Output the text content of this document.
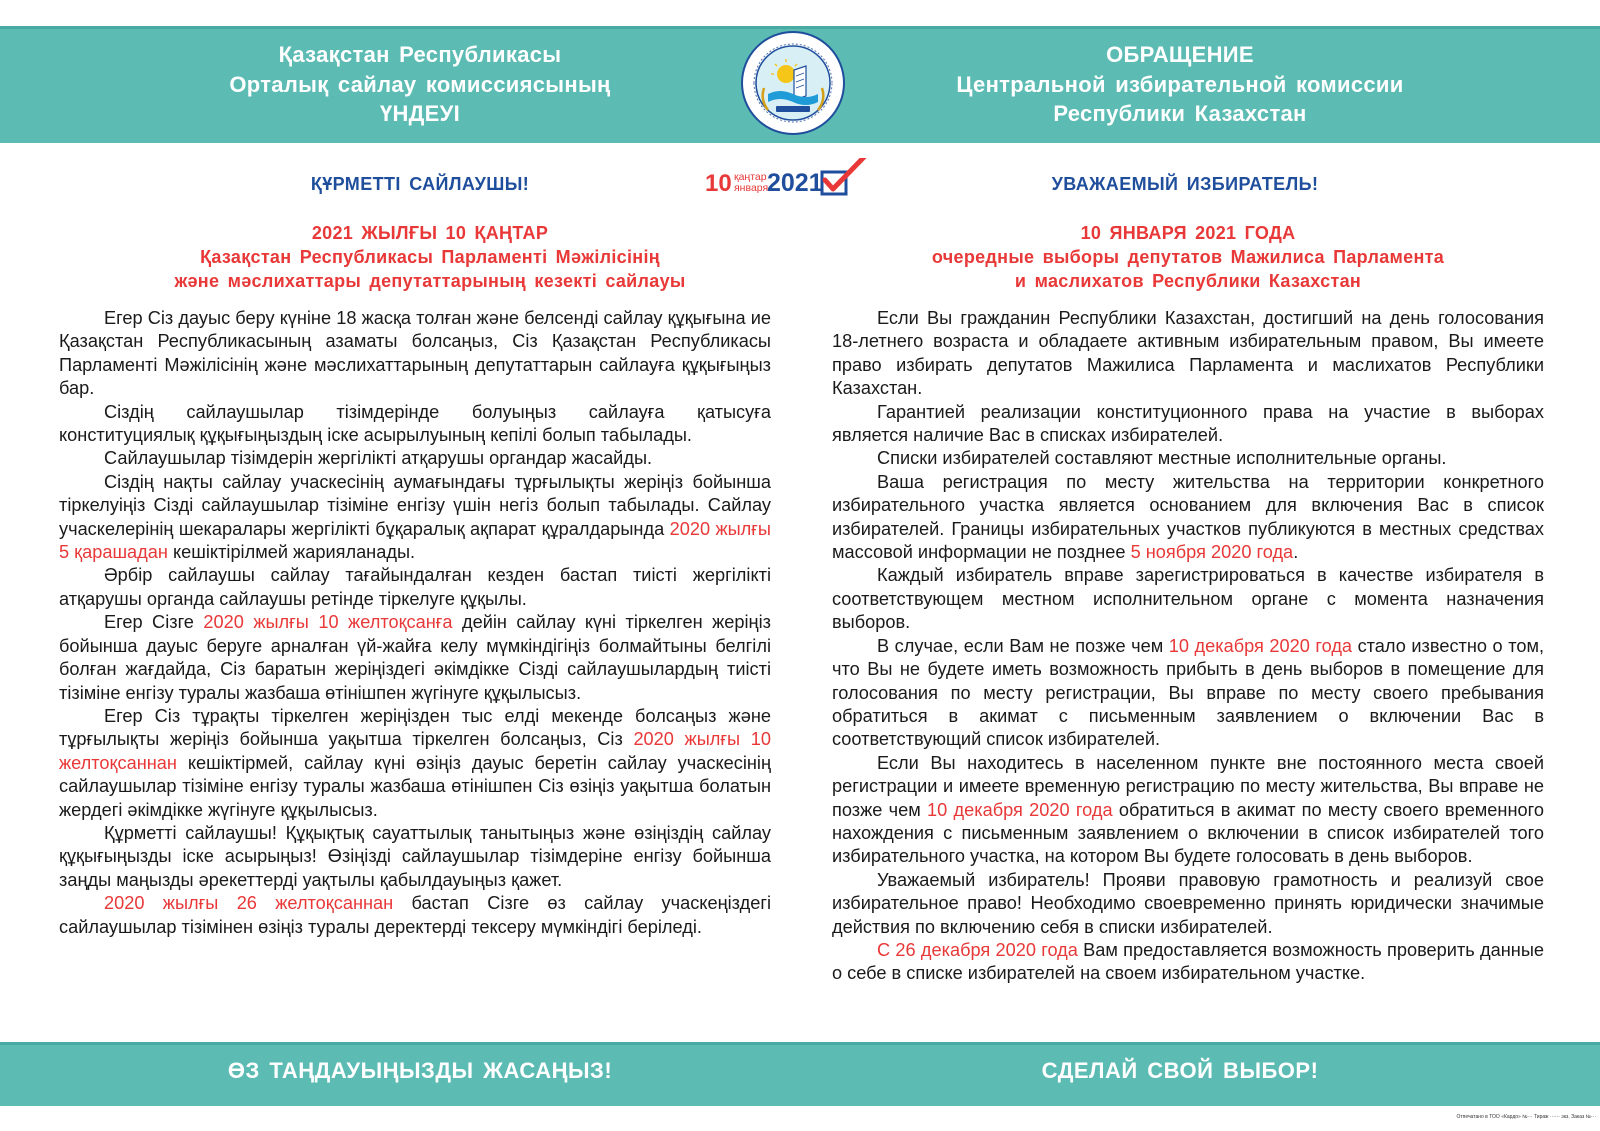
Қазақстан Республикасы
Орталық сайлау комиссиясының
ҮНДЕУІ
ОБРАЩЕНИЕ
Центральной избирательной комиссии
Республики Казахстан
ҚҰРМЕТТІ САЙЛАУШЫ!	10 қаңтар
января
2021	УВАЖАЕМЫЙ ИЗБИРАТЕЛЬ!
2021 ЖЫЛҒЫ 10 ҚАҢТАР
Қазақстан Республикасы Парламенті Мәжілісінің
және мәслихаттары депутаттарының кезекті сайлауы
10 ЯНВАРЯ 2021 ГОДА
очередные выборы депутатов Мажилиса Парламента
и маслихатов Республики Казахстан

Егер Сіз дауыс беру күніне 18 жасқа толған және белсенді сайлау құқығына ие Қазақстан Республикасының азаматы болсаңыз, Сіз Қазақстан Республикасы Парламенті Мәжілісінің және мәслихаттарының депутаттарын сайлауға құқығыңыз бар.

Сіздің сайлаушылар тізімдерінде болуыңыз сайлауға қатысуға конституциялық құқығыңыздың іске асырылуының кепілі болып табылады.

Сайлаушылар тізімдерін жергілікті атқарушы органдар жасайды.

Сіздің нақты сайлау учаскесінің аумағындағы тұрғылықты жеріңіз бойынша тіркелуіңіз Сізді сайлаушылар тізіміне енгізу үшін негіз болып табылады. Сайлау учаскелерінің шекаралары жергілікті бұқаралық ақпарат құралдарында 2020 жылғы 5 қарашадан кешіктірілмей жарияланады.

Әрбір сайлаушы сайлау тағайындалған кезден бастап тиісті жергілікті атқарушы органда сайлаушы ретінде тіркелуге құқылы.

Егер Сізге 2020 жылғы 10 желтоқсанға дейін сайлау күні тіркелген жеріңіз бойынша дауыс беруге арналған үй-жайға келу мүмкіндігіңіз болмайтыны белгілі болған жағдайда, Сіз баратын жеріңіздегі әкімдікке Сізді сайлаушылардың тиісті тізіміне енгізу туралы жазбаша өтінішпен жүгінуге құқылысыз.

Егер Сіз тұрақты тіркелген жеріңізден тыс елді мекенде болсаңыз және тұрғылықты жеріңіз бойынша уақытша тіркелген болсаңыз, Сіз 2020 жылғы 10 желтоқсаннан кешіктірмей, сайлау күні өзіңіз дауыс беретін сайлау учаскесінің сайлаушылар тізіміне енгізу туралы жазбаша өтінішпен Сіз өзіңіз уақытша болатын жердегі әкімдікке жүгінуге құқылысыз.

Құрметті сайлаушы! Құқықтық сауаттылық танытыңыз және өзіңіздің сайлау құқығыңызды іске асырыңыз! Өзіңізді сайлаушылар тізімдеріне енгізу бойынша заңды маңызды әрекеттерді уақтылы қабылдауыңыз қажет.

2020 жылғы 26 желтоқсаннан бастап Сізге өз сайлау учаскеңіздегі сайлаушылар тізімінен өзіңіз туралы деректерді тексеру мүмкіндігі беріледі.

Если Вы гражданин Республики Казахстан, достигший на день голосования 18-летнего возраста и обладаете активным избирательным правом, Вы имеете право избирать депутатов Мажилиса Парламента и маслихатов Республики Казахстан.

Гарантией реализации конституционного права на участие в выборах является наличие Вас в списках избирателей.

Списки избирателей составляют местные исполнительные органы.

Ваша регистрация по месту жительства на территории конкретного избирательного участка является основанием для включения Вас в список избирателей. Границы избирательных участков публикуются в местных средствах массовой информации не позднее 5 ноября 2020 года.

Каждый избиратель вправе зарегистрироваться в качестве избирателя в соответствующем местном исполнительном органе с момента назначения выборов.

В случае, если Вам не позже чем 10 декабря 2020 года стало известно о том, что Вы не будете иметь возможность прибыть в день выборов в помещение для голосования по месту регистрации, Вы вправе по месту своего пребывания обратиться в акимат с письменным заявлением о включении Вас в соответствующий список избирателей.

Если Вы находитесь в населенном пункте вне постоянного места своей регистрации и имеете временную регистрацию по месту жительства, Вы вправе не позже чем 10 декабря 2020 года обратиться в акимат по месту своего временного нахождения с письменным заявлением о включении в список избирателей того избирательного участка, на котором Вы будете голосовать в день выборов.

Уважаемый избиратель! Прояви правовую грамотность и реализуй свое избирательное право! Необходимо своевременно принять юридически значимые действия по включению себя в списки избирателей.

С 26 декабря 2020 года Вам предоставляется возможность проверить данные о себе в списке избирателей на своем избирательном участке.

ӨЗ ТАҢДАУЫҢЫЗДЫ ЖАСАҢЫЗ!	СДЕЛАЙ СВОЙ ВЫБОР!
Отпечатано в ТОО «Кардо» №··· Тираж ······ экз. Заказ №···
